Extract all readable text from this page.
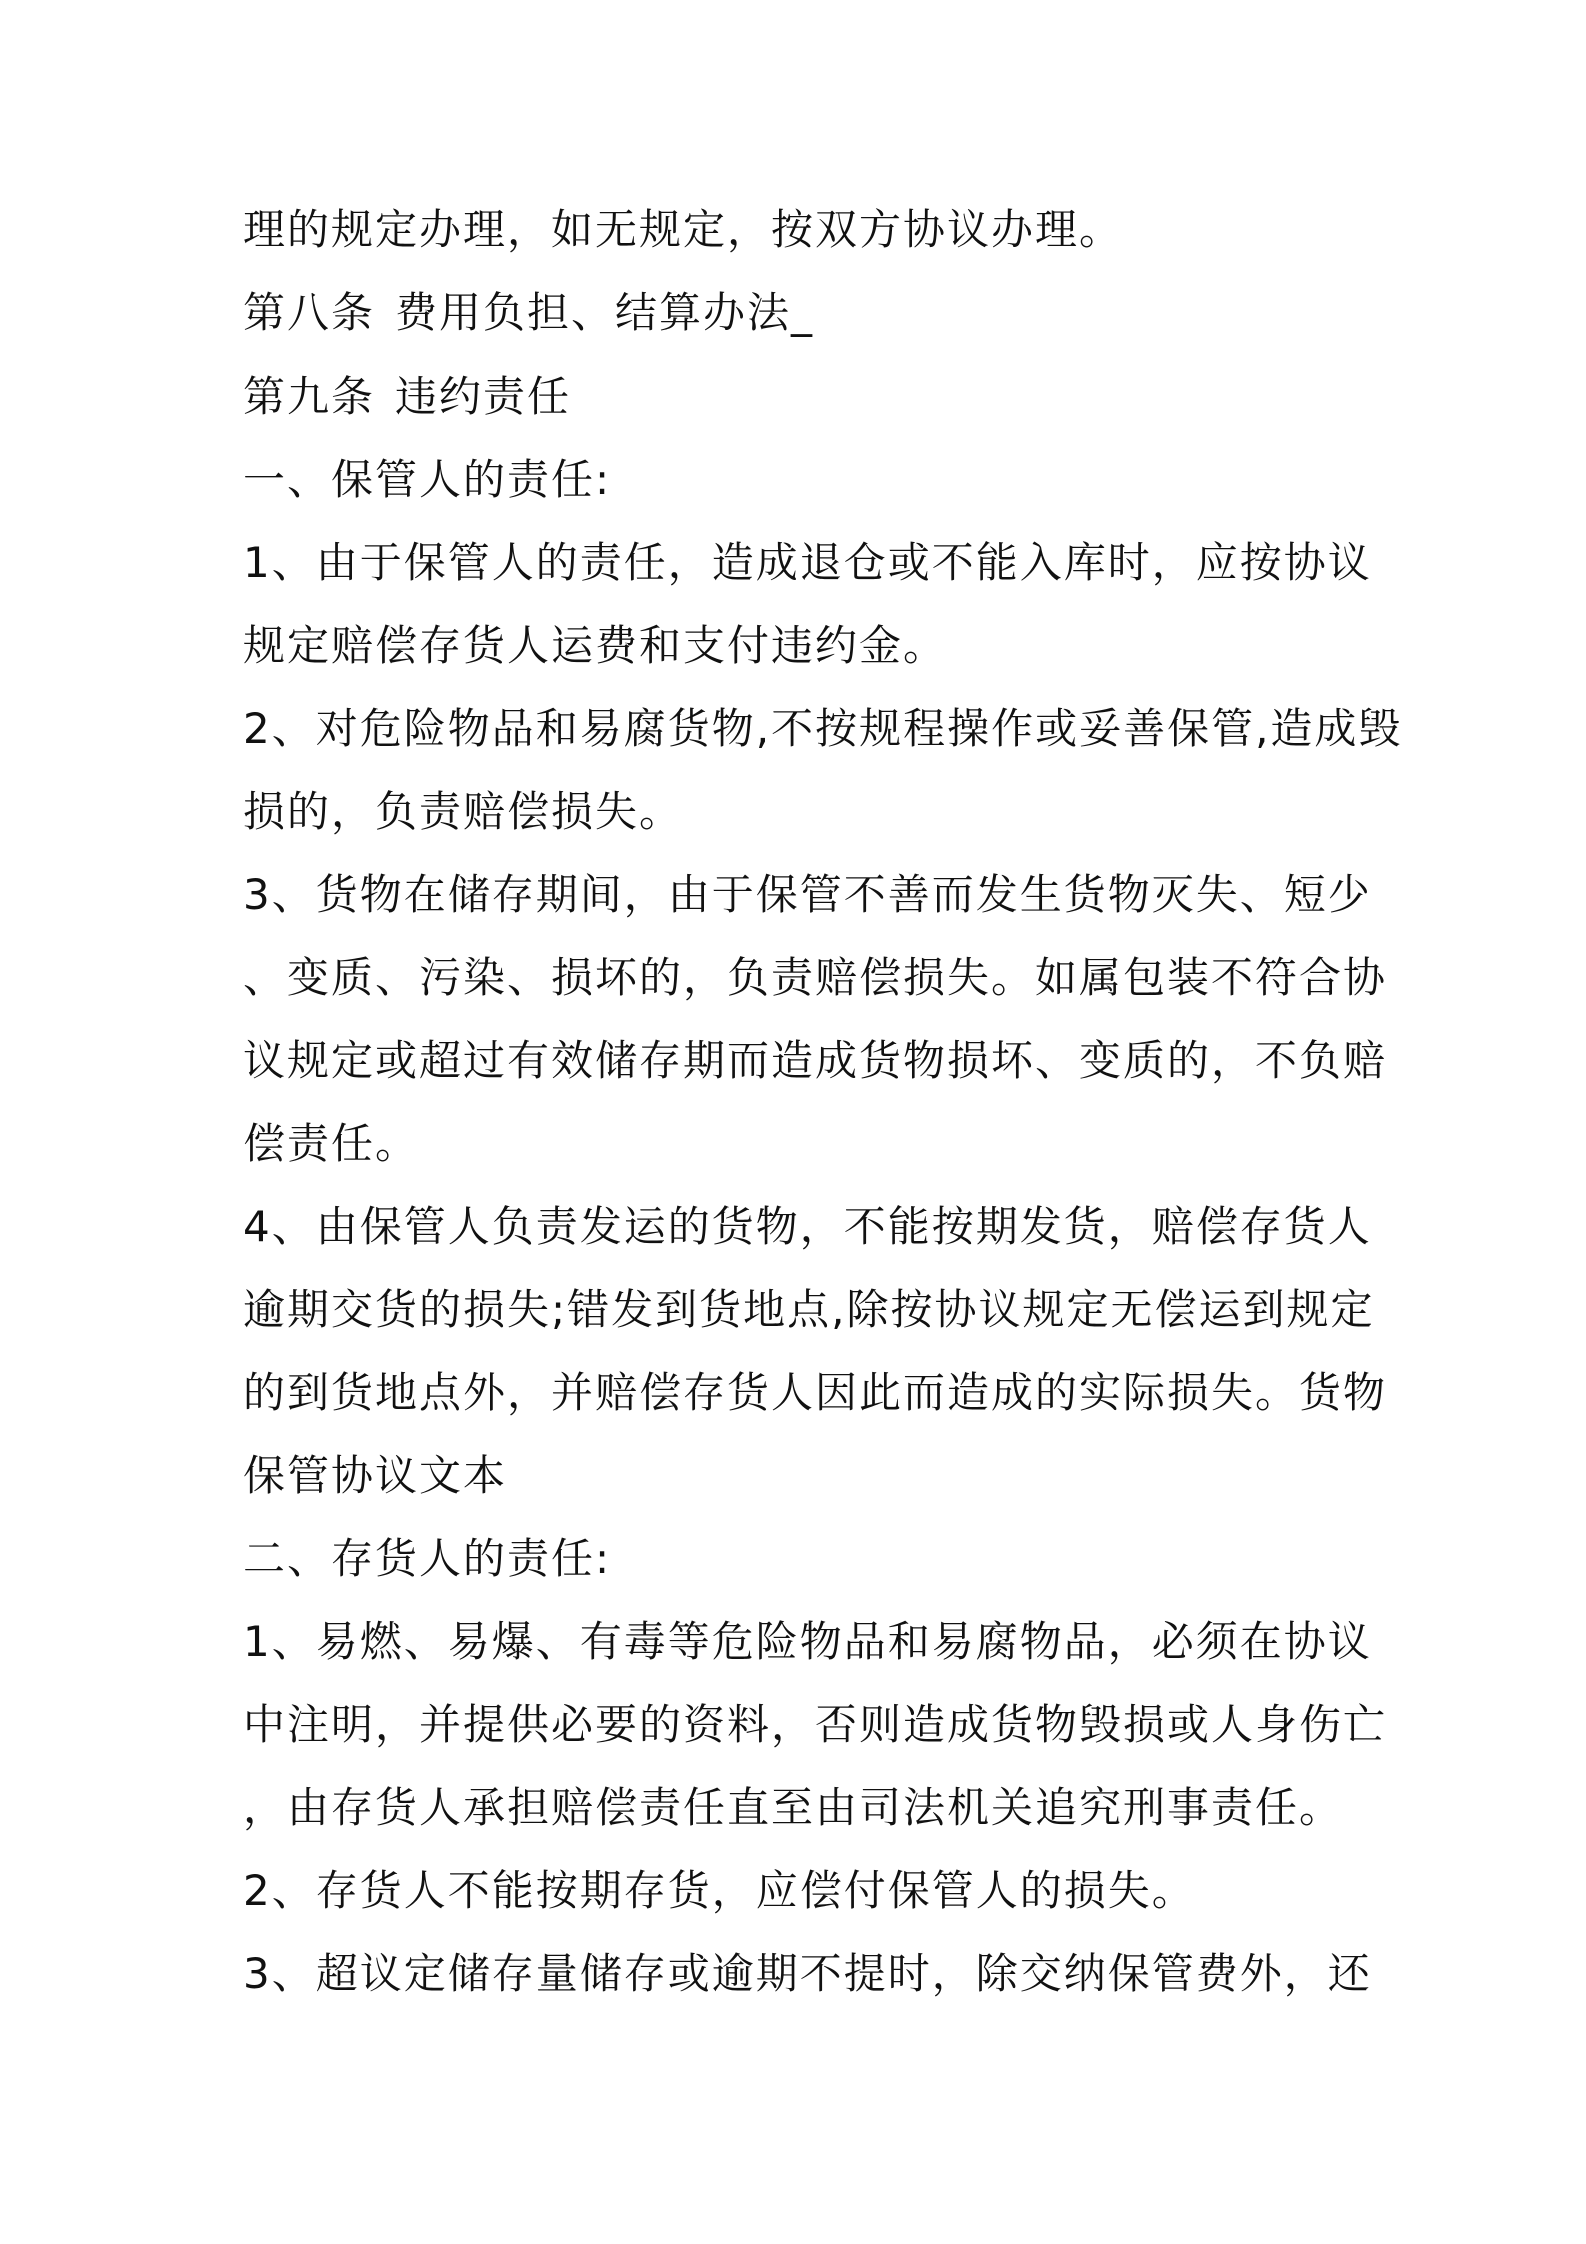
理的规定办理，如无规定，按双方协议办理。
第八条 费用负担、结算办法_
第九条 违约责任
一、保管人的责任:
1、由于保管人的责任，造成退仓或不能入库时，应按协议
规定赔偿存货人运费和支付违约金。
2、对危险物品和易腐货物,不按规程操作或妥善保管,造成毁
损的，负责赔偿损失。
3、货物在储存期间，由于保管不善而发生货物灭失、短少
、变质、污染、损坏的，负责赔偿损失。如属包装不符合协
议规定或超过有效储存期而造成货物损坏、变质的，不负赔
偿责任。
4、由保管人负责发运的货物，不能按期发货，赔偿存货人
逾期交货的损失;错发到货地点,除按协议规定无偿运到规定
的到货地点外，并赔偿存货人因此而造成的实际损失。货物
保管协议文本
二、存货人的责任:
1、易燃、易爆、有毒等危险物品和易腐物品，必须在协议
中注明，并提供必要的资料，否则造成货物毁损或人身伤亡
，由存货人承担赔偿责任直至由司法机关追究刑事责任。
2、存货人不能按期存货，应偿付保管人的损失。
3、超议定储存量储存或逾期不提时，除交纳保管费外，还
